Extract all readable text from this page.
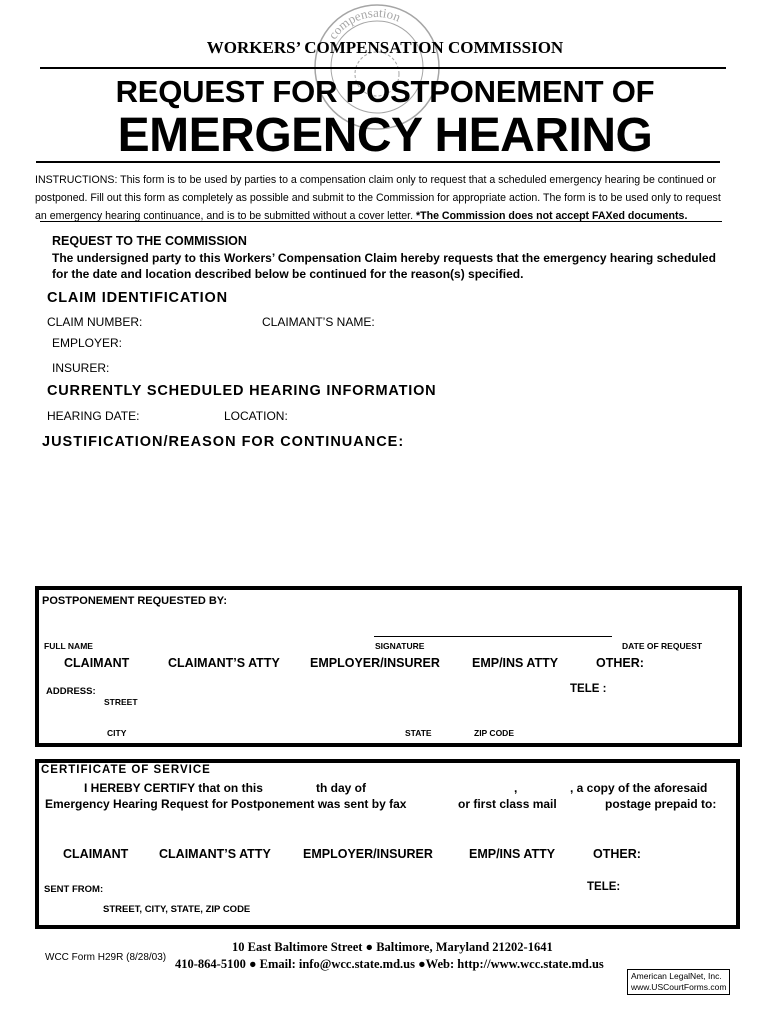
compensation
WORKERS’ COMPENSATION COMMISSION
REQUEST FOR POSTPONEMENT OF
EMERGENCY HEARING
INSTRUCTIONS: This form is to be used by parties to a compensation claim only to request that a scheduled emergency hearing be continued or postponed. Fill out this form as completely as possible and submit to the Commission for appropriate action. The form is to be used only to request an emergency hearing continuance, and is to be submitted without a cover letter. *The Commission does not accept FAXed documents.
REQUEST TO THE COMMISSION
The undersigned party to this Workers’ Compensation Claim hereby requests that the emergency hearing scheduled for the date and location described below be continued for the reason(s) specified.
CLAIM IDENTIFICATION
CLAIM NUMBER:	CLAIMANT’S NAME:
EMPLOYER:
INSURER:
CURRENTLY SCHEDULED HEARING INFORMATION
HEARING DATE:	LOCATION:
JUSTIFICATION/REASON FOR CONTINUANCE:
POSTPONEMENT REQUESTED BY:
FULL NAME	SIGNATURE	DATE OF REQUEST
CLAIMANT	CLAIMANT’S ATTY EMPLOYER/INSURER	EMP/INS ATTY	OTHER:
ADDRESS:	TELE :
STREET
CITY	STATE	ZIP CODE
CERTIFICATE OF SERVICE
I HEREBY CERTIFY that on this	th day of	,	, a copy of the aforesaid
Emergency Hearing Request for Postponement was sent by fax	or first class mail	postage prepaid to:
CLAIMANT CLAIMANT’S ATTY	EMPLOYER/INSURER	EMP/INS ATTY	OTHER:
SENT FROM:	TELE:
STREET, CITY, STATE, ZIP CODE
WCC Form H29R (8/28/03)
10 East Baltimore Street ● Baltimore, Maryland 21202-1641
410-864-5100 ● Email: info@wcc.state.md.us ●Web: http://www.wcc.state.md.us
American LegalNet, Inc.
www.USCourtForms.com
